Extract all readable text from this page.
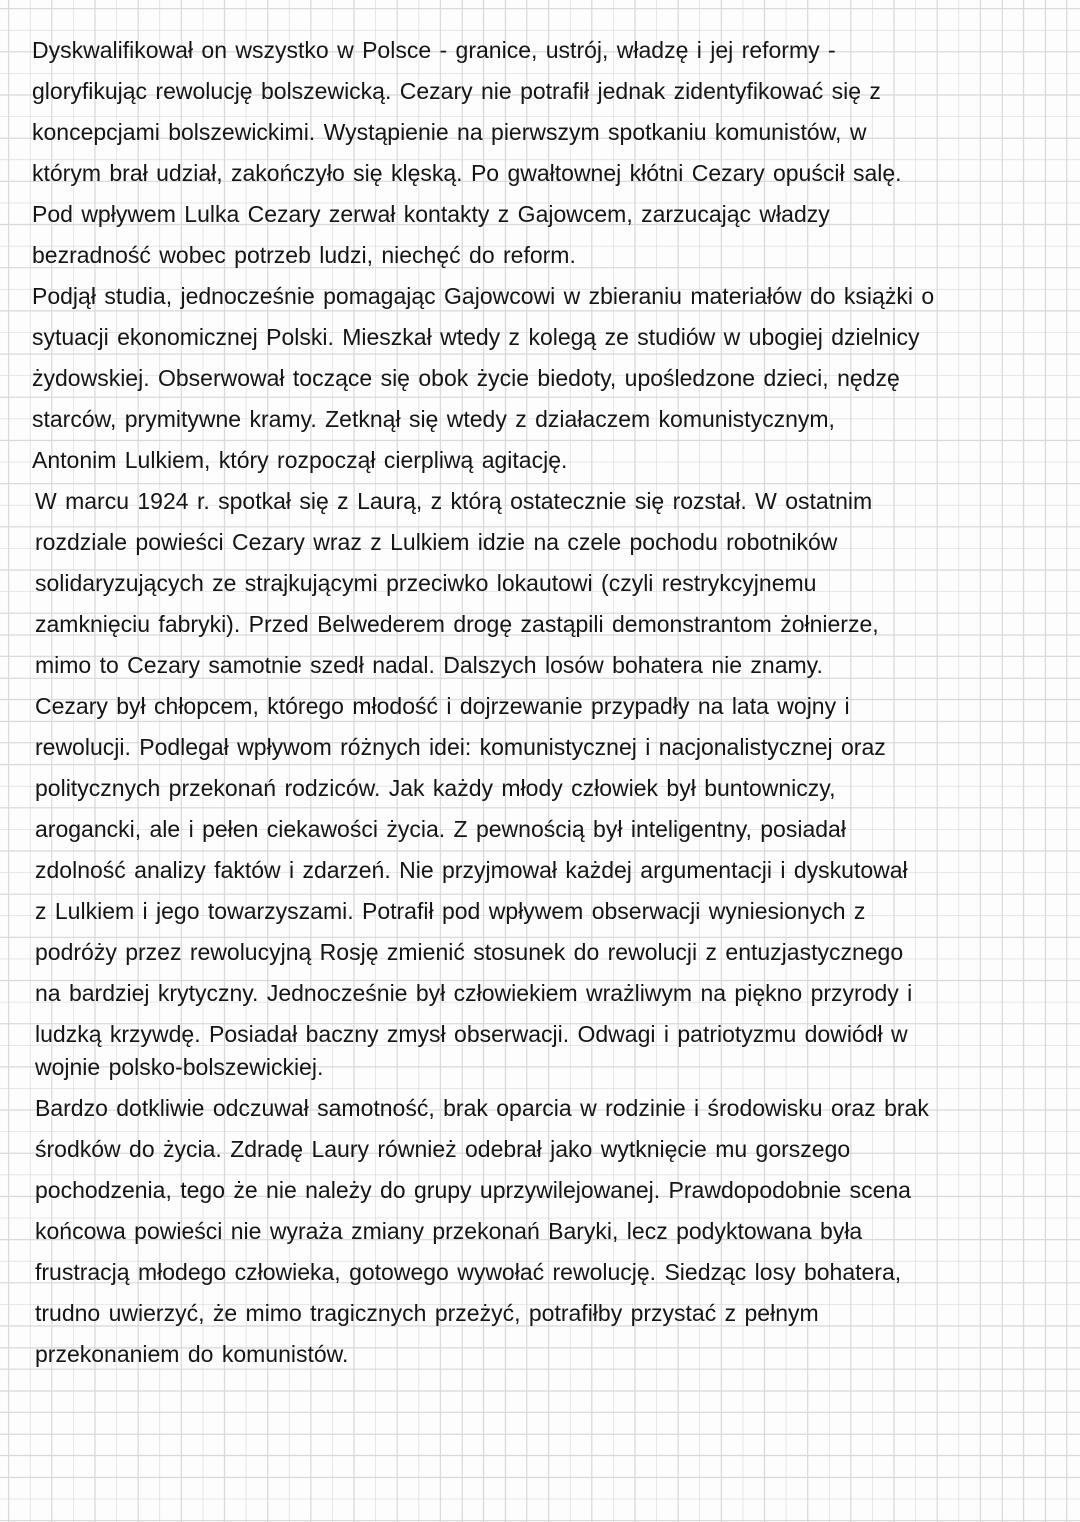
Dyskwalifikował on wszystko w Polsce - granice, ustrój, władzę i jej reformy -
gloryfikując rewolucję bolszewicką. Cezary nie potrafił jednak zidentyfikować się z
koncepcjami bolszewickimi. Wystąpienie na pierwszym spotkaniu komunistów, w
którym brał udział, zakończyło się klęską. Po gwałtownej kłótni Cezary opuścił salę.
Pod wpływem Lulka Cezary zerwał kontakty z Gajowcem, zarzucając władzy
bezradność wobec potrzeb ludzi, niechęć do reform.
Podjął studia, jednocześnie pomagając Gajowcowi w zbieraniu materiałów do książki o
sytuacji ekonomicznej Polski. Mieszkał wtedy z kolegą ze studiów w ubogiej dzielnicy
żydowskiej. Obserwował toczące się obok życie biedoty, upośledzone dzieci, nędzę
starców, prymitywne kramy. Zetknął się wtedy z działaczem komunistycznym,
Antonim Lulkiem, który rozpoczął cierpliwą agitację.
W marcu 1924 r. spotkał się z Laurą, z którą ostatecznie się rozstał. W ostatnim
rozdziale powieści Cezary wraz z Lulkiem idzie na czele pochodu robotników
solidaryzujących ze strajkującymi przeciwko lokautowi (czyli restrykcyjnemu
zamknięciu fabryki). Przed Belwederem drogę zastąpili demonstrantom żołnierze,
mimo to Cezary samotnie szedł nadal. Dalszych losów bohatera nie znamy.
Cezary był chłopcem, którego młodość i dojrzewanie przypadły na lata wojny i
rewolucji. Podlegał wpływom różnych idei: komunistycznej i nacjonalistycznej oraz
politycznych przekonań rodziców. Jak każdy młody człowiek był buntowniczy,
arogancki, ale i pełen ciekawości życia. Z pewnością był inteligentny, posiadał
zdolność analizy faktów i zdarzeń. Nie przyjmował każdej argumentacji i dyskutował
z Lulkiem i jego towarzyszami. Potrafił pod wpływem obserwacji wyniesionych z
podróży przez rewolucyjną Rosję zmienić stosunek do rewolucji z entuzjastycznego
na bardziej krytyczny. Jednocześnie był człowiekiem wrażliwym na piękno przyrody i
ludzką krzywdę. Posiadał baczny zmysł obserwacji. Odwagi i patriotyzmu dowiódł w
wojnie polsko-bolszewickiej.
Bardzo dotkliwie odczuwał samotność, brak oparcia w rodzinie i środowisku oraz brak
środków do życia. Zdradę Laury również odebrał jako wytknięcie mu gorszego
pochodzenia, tego że nie należy do grupy uprzywilejowanej. Prawdopodobnie scena
końcowa powieści nie wyraża zmiany przekonań Baryki, lecz podyktowana była
frustracją młodego człowieka, gotowego wywołać rewolucję. Siedząc losy bohatera,
trudno uwierzyć, że mimo tragicznych przeżyć, potrafiłby przystać z pełnym
przekonaniem do komunistów.
